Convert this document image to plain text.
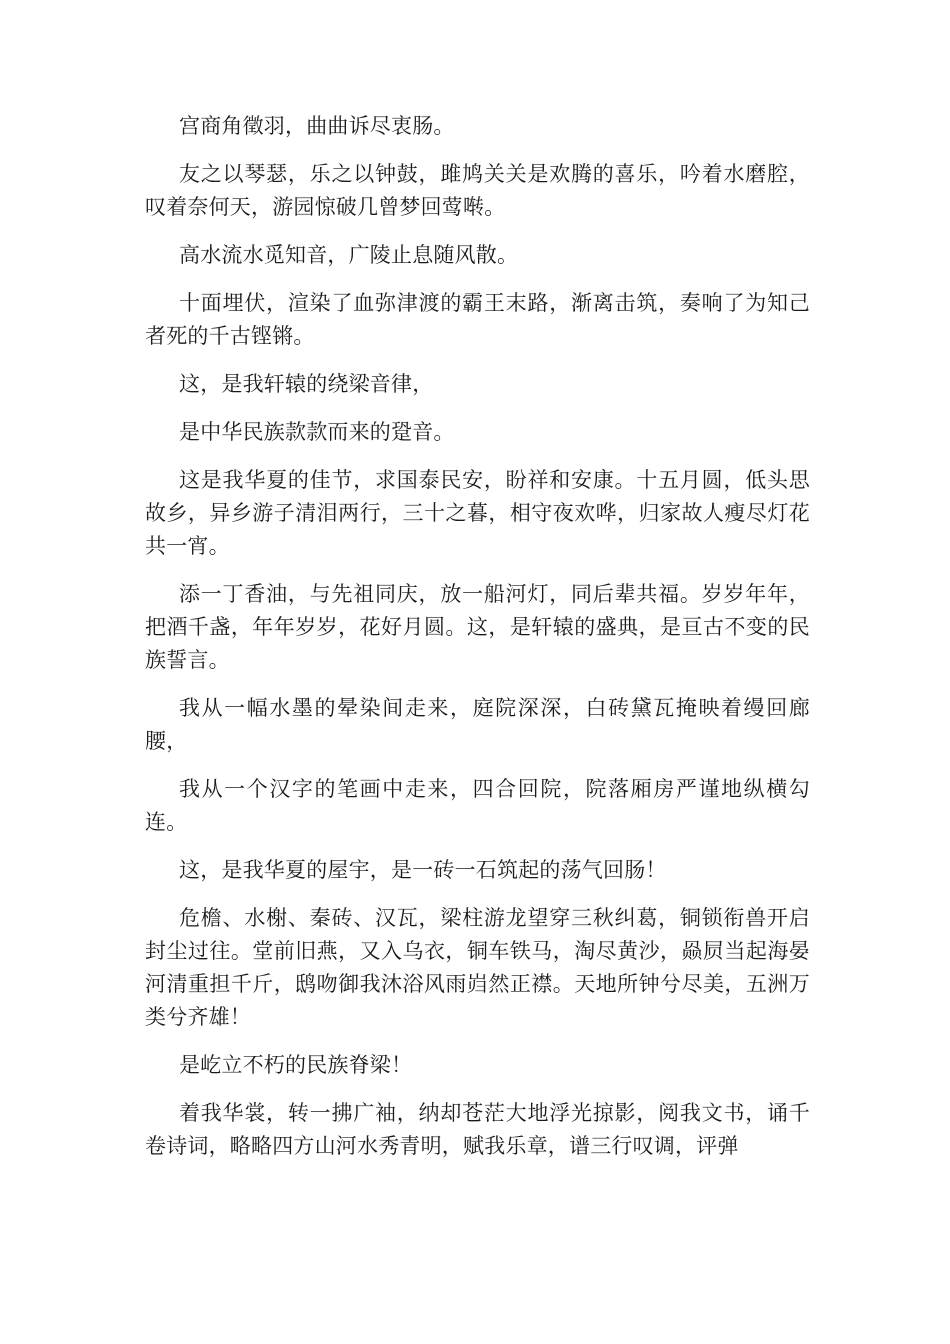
宫商角徵羽，曲曲诉尽衷肠。

友之以琴瑟，乐之以钟鼓，雎鸠关关是欢腾的喜乐，吟着水磨腔，叹着奈何天，游园惊破几曾梦回莺啭。

高水流水觅知音，广陵止息随风散。

十面埋伏，渲染了血弥津渡的霸王末路，渐离击筑，奏响了为知己者死的千古铿锵。

这，是我轩辕的绕梁音律，

是中华民族款款而来的跫音。

这是我华夏的佳节，求国泰民安，盼祥和安康。十五月圆，低头思故乡，异乡游子清泪两行，三十之暮，相守夜欢哗，归家故人瘦尽灯花共一宵。

添一丁香油，与先祖同庆，放一船河灯，同后辈共福。岁岁年年，把酒千盏，年年岁岁，花好月圆。这，是轩辕的盛典，是亘古不变的民族誓言。

我从一幅水墨的晕染间走来，庭院深深，白砖黛瓦掩映着缦回廊腰，

我从一个汉字的笔画中走来，四合回院，院落厢房严谨地纵横勾连。

这，是我华夏的屋宇，是一砖一石筑起的荡气回肠！

危檐、水榭、秦砖、汉瓦，梁柱游龙望穿三秋纠葛，铜锁衔兽开启封尘过往。堂前旧燕，又入乌衣，铜车铁马，淘尽黄沙，赑屃当起海晏河清重担千斤，鸱吻御我沐浴风雨岿然正襟。天地所钟兮尽美，五洲万类兮齐雄！

是屹立不朽的民族脊梁！

着我华裳，转一拂广袖，纳却苍茫大地浮光掠影，阅我文书，诵千卷诗词，略略四方山河水秀青明，赋我乐章，谱三行叹调，评弹
